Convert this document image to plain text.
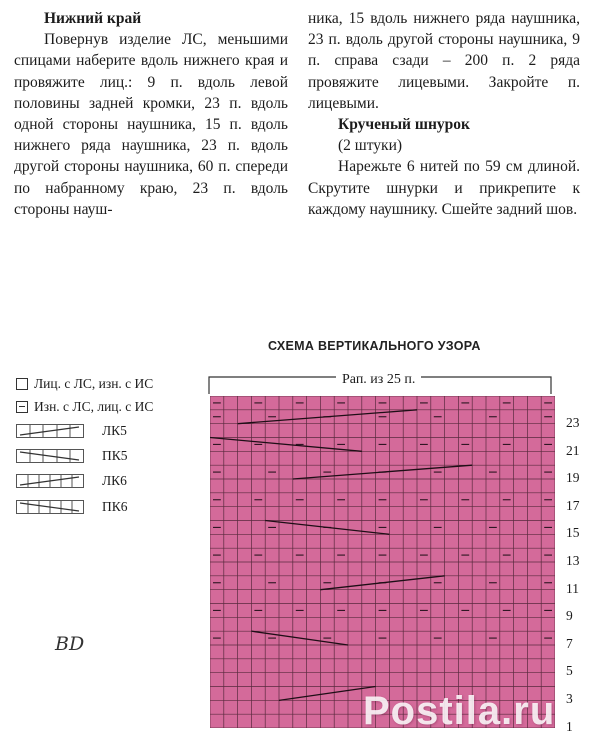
Нижний край
Повернув изделие ЛС, меньшими спицами наберите вдоль нижнего края и провяжите лиц.: 9 п. вдоль левой половины задней кромки, 23 п. вдоль одной стороны наушника, 15 п. вдоль нижнего ряда наушника, 23 п. вдоль другой стороны наушника, 60 п. спереди по набранному краю, 23 п. вдоль стороны науш-
ника, 15 вдоль нижнего ряда наушника, 23 п. вдоль другой стороны наушника, 9 п. справа сзади – 200 п. 2 ряда провяжите лицевыми. Закройте п. лицевыми.
Крученый шнурок
(2 штуки)
Нарежьте 6 нитей по 59 см длиной. Скрутите шнурки и прикрепите к каждому наушнику. Сшейте задний шов.
СХЕМА ВЕРТИКАЛЬНОГО УЗОРА
Лиц. с ЛС, изн. с ИС
Изн. с ЛС, лиц. с ИС
ЛК5
ПК5
ЛК6
ПК6
BD
Рап. из 25 п.
23
21
19
17
15
13
11
9
7
5
3
1
Postila.ru
